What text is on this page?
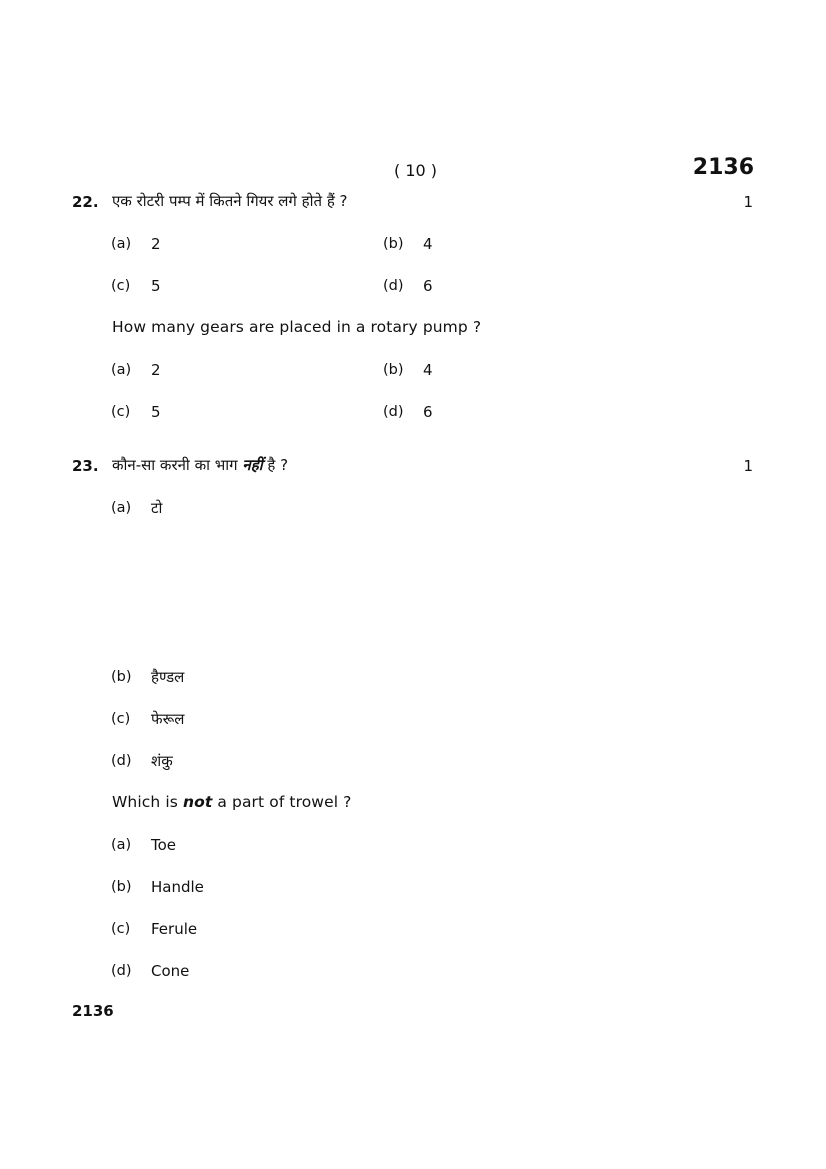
( 10 )	2136
22. एक रोटरी पम्प में कितने गियर लगे होते हैं ?	1
(a) 2	(b) 4
(c) 5	(d) 6
How many gears are placed in a rotary pump ?
(a) 2	(b) 4
(c) 5	(d) 6
23. कौन-सा करनी का भाग नहीं है ?	1
(a) टो
(b) हैण्डल
(c) फेरूल
(d) शंकु
Which is not a part of trowel ?
(a) Toe
(b) Handle
(c) Ferule
(d) Cone
2136
